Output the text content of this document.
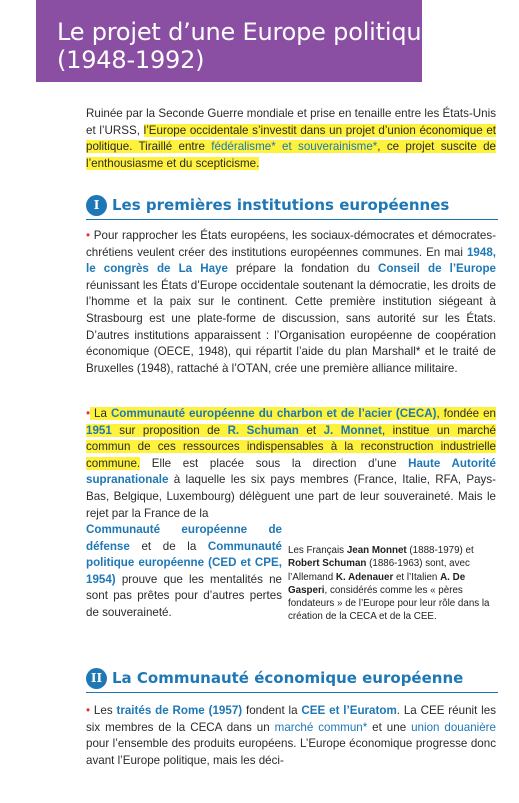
Le projet d’une Europe politique
(1948-1992)

Ruinée par la Seconde Guerre mondiale et prise en tenaille entre les États-Unis et l’URSS, l’Europe occidentale s’investit dans un projet d’union économique et politique. Tiraillé entre fédéralisme* et souverainisme*, ce projet suscite de l’enthousiasme et du scepticisme.

I Les premières institutions européennes

• Pour rapprocher les États européens, les sociaux-démocrates et démocrates-chrétiens veulent créer des institutions européennes communes. En mai 1948, le congrès de La Haye prépare la fondation du Conseil de l’Europe réunissant les États d’Europe occidentale soutenant la démocratie, les droits de l’homme et la paix sur le continent. Cette première institution siégeant à Strasbourg est une plate-forme de discussion, sans autorité sur les États. D’autres institutions apparaissent : l’Organisation européenne de coopération économique (OECE, 1948), qui répartit l’aide du plan Marshall* et le traité de Bruxelles (1948), rattaché à l’OTAN, crée une première alliance militaire.

• La Communauté européenne du charbon et de l’acier (CECA), fondée en 1951 sur proposition de R. Schuman et J. Monnet, institue un marché commun de ces ressources indispensables à la reconstruction industrielle commune. Elle est placée sous la direction d’une Haute Autorité supranationale à laquelle les six pays membres (France, Italie, RFA, Pays-Bas, Belgique, Luxembourg) délèguent une part de leur souveraineté. Mais le rejet par la France de la

Communauté européenne de défense et de la Communauté politique européenne (CED et CPE, 1954) prouve que les mentalités ne sont pas prêtes pour d’autres pertes de souveraineté.

Les Français Jean Monnet (1888-1979) et Robert Schuman (1886-1963) sont, avec l’Allemand K. Adenauer et l’Italien A. De Gasperi, considérés comme les « pères fondateurs » de l’Europe pour leur rôle dans la création de la CECA et de la CEE.
II La Communauté économique européenne

• Les traités de Rome (1957) fondent la CEE et l’Euratom. La CEE réunit les six membres de la CECA dans un marché commun* et une union douanière pour l’ensemble des produits européens. L’Europe économique progresse donc avant l’Europe politique, mais les déci-
